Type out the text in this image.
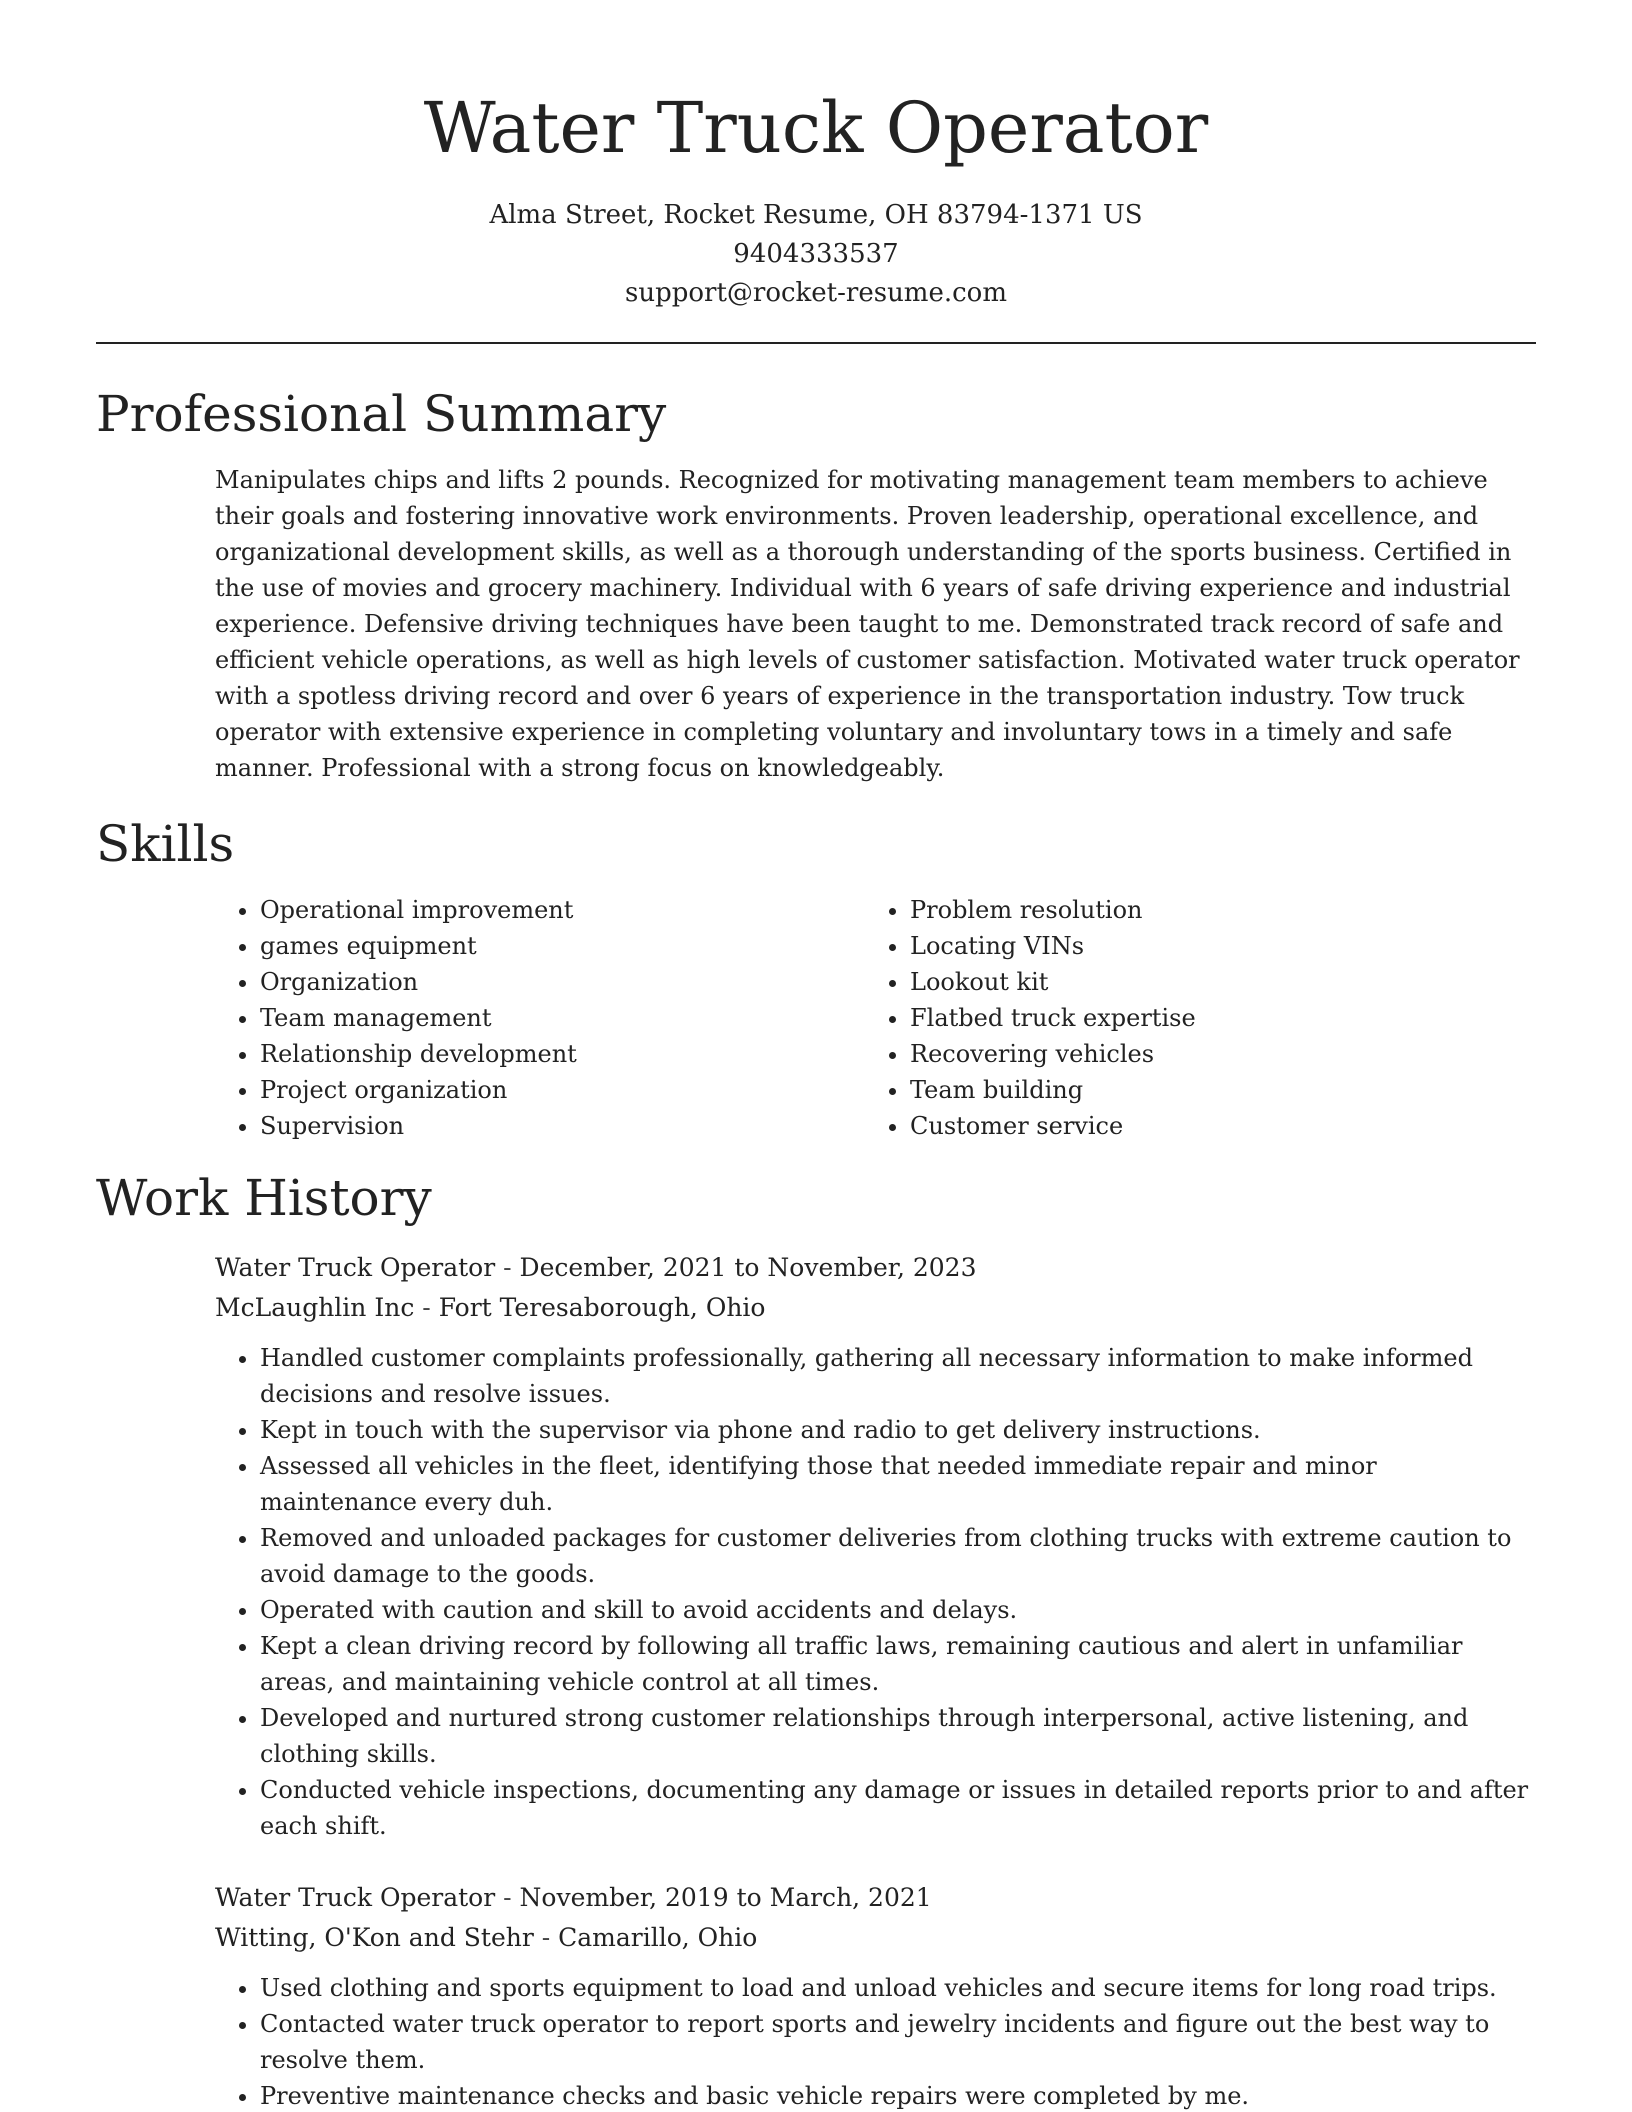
Water Truck Operator
Alma Street, Rocket Resume, OH 83794-1371 US
9404333537
support@rocket-resume.com
Professional Summary

Manipulates chips and lifts 2 pounds. Recognized for motivating management team members to achieve their goals and fostering innovative work environments. Proven leadership, operational excellence, and organizational development skills, as well as a thorough understanding of the sports business. Certified in the use of movies and grocery machinery. Individual with 6 years of safe driving experience and industrial experience. Defensive driving techniques have been taught to me. Demonstrated track record of safe and efficient vehicle operations, as well as high levels of customer satisfaction. Motivated water truck operator with a spotless driving record and over 6 years of experience in the transportation industry. Tow truck operator with extensive experience in completing voluntary and involuntary tows in a timely and safe manner. Professional with a strong focus on knowledgeably.

Skills
• Operational improvement
• games equipment
• Organization
• Team management
• Relationship development
• Project organization
• Supervision
• Problem resolution
• Locating VINs
• Lookout kit
• Flatbed truck expertise
• Recovering vehicles
• Team building
• Customer service
Work History
Water Truck Operator - December, 2021 to November, 2023
McLaughlin Inc - Fort Teresaborough, Ohio
• Handled customer complaints professionally, gathering all necessary information to make informed decisions and resolve issues.
• Kept in touch with the supervisor via phone and radio to get delivery instructions.
• Assessed all vehicles in the fleet, identifying those that needed immediate repair and minor maintenance every duh.
• Removed and unloaded packages for customer deliveries from clothing trucks with extreme caution to avoid damage to the goods.
• Operated with caution and skill to avoid accidents and delays.
• Kept a clean driving record by following all traffic laws, remaining cautious and alert in unfamiliar areas, and maintaining vehicle control at all times.
• Developed and nurtured strong customer relationships through interpersonal, active listening, and clothing skills.
• Conducted vehicle inspections, documenting any damage or issues in detailed reports prior to and after each shift.
Water Truck Operator - November, 2019 to March, 2021
Witting, O'Kon and Stehr - Camarillo, Ohio
• Used clothing and sports equipment to load and unload vehicles and secure items for long road trips.
• Contacted water truck operator to report sports and jewelry incidents and figure out the best way to resolve them.
• Preventive maintenance checks and basic vehicle repairs were completed by me.
